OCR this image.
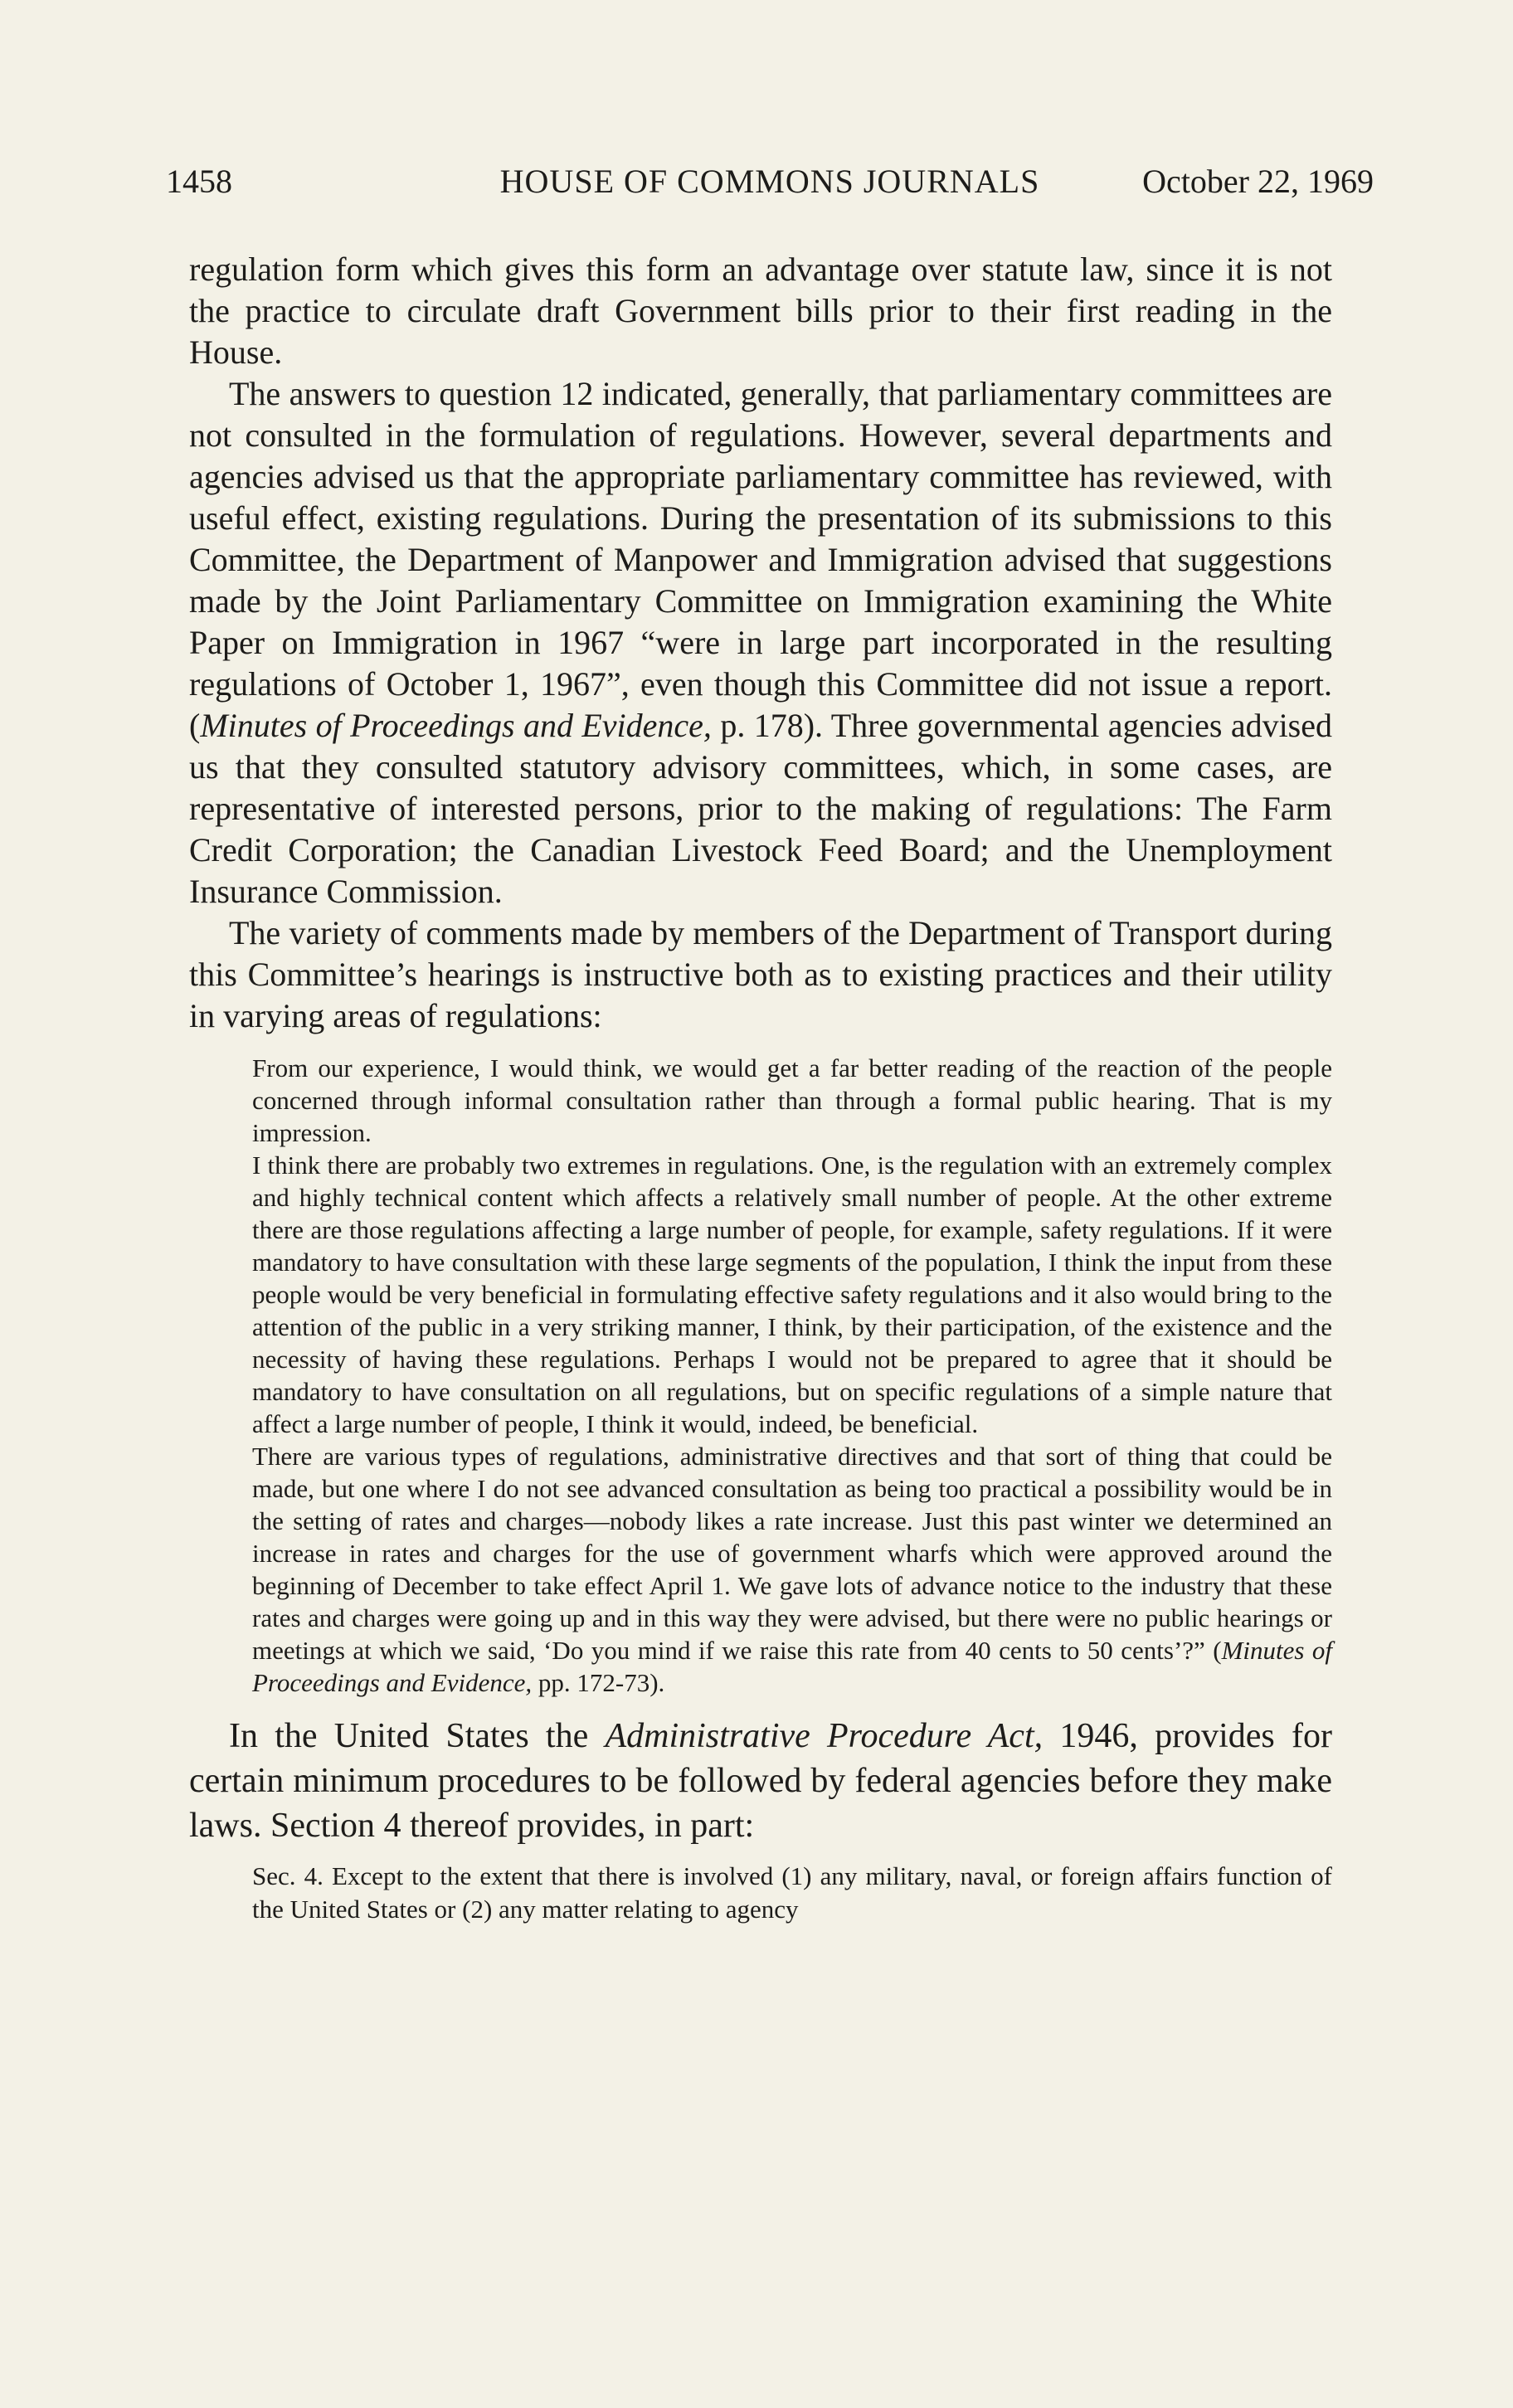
1458	HOUSE OF COMMONS JOURNALS	October 22, 1969

regulation form which gives this form an advantage over statute law, since it is not the practice to circulate draft Government bills prior to their first reading in the House.

The answers to question 12 indicated, generally, that parliamentary committees are not consulted in the formulation of regulations. However, several departments and agencies advised us that the appropriate parliamentary committee has reviewed, with useful effect, existing regulations. During the presentation of its submissions to this Committee, the Department of Manpower and Immigration advised that suggestions made by the Joint Parliamentary Committee on Immigration examining the White Paper on Immigration in 1967 “were in large part incorporated in the resulting regulations of October 1, 1967”, even though this Committee did not issue a report. (Minutes of Proceedings and Evidence, p. 178). Three governmental agencies advised us that they consulted statutory advisory committees, which, in some cases, are representative of interested persons, prior to the making of regulations: The Farm Credit Corporation; the Canadian Livestock Feed Board; and the Unemployment Insurance Commission.

The variety of comments made by members of the Department of Transport during this Committee’s hearings is instructive both as to existing practices and their utility in varying areas of regulations:

From our experience, I would think, we would get a far better reading of the reaction of the people concerned through informal consultation rather than through a formal public hearing. That is my impression.

I think there are probably two extremes in regulations. One, is the regulation with an extremely complex and highly technical content which affects a relatively small number of people. At the other extreme there are those regulations affecting a large number of people, for example, safety regulations. If it were mandatory to have consultation with these large segments of the population, I think the input from these people would be very beneficial in formulating effective safety regulations and it also would bring to the attention of the public in a very striking manner, I think, by their participation, of the existence and the necessity of having these regulations. Perhaps I would not be prepared to agree that it should be mandatory to have consultation on all regulations, but on specific regulations of a simple nature that affect a large number of people, I think it would, indeed, be beneficial.

There are various types of regulations, administrative directives and that sort of thing that could be made, but one where I do not see advanced consultation as being too practical a possibility would be in the setting of rates and charges—nobody likes a rate increase. Just this past winter we determined an increase in rates and charges for the use of government wharfs which were approved around the beginning of December to take effect April 1. We gave lots of advance notice to the industry that these rates and charges were going up and in this way they were advised, but there were no public hearings or meetings at which we said, ‘Do you mind if we raise this rate from 40 cents to 50 cents’?” (Minutes of Proceedings and Evidence, pp. 172-73).

In the United States the Administrative Procedure Act, 1946, provides for certain minimum procedures to be followed by federal agencies before they make laws. Section 4 thereof provides, in part:

Sec. 4. Except to the extent that there is involved (1) any military, naval, or foreign affairs function of the United States or (2) any matter relating to agency
